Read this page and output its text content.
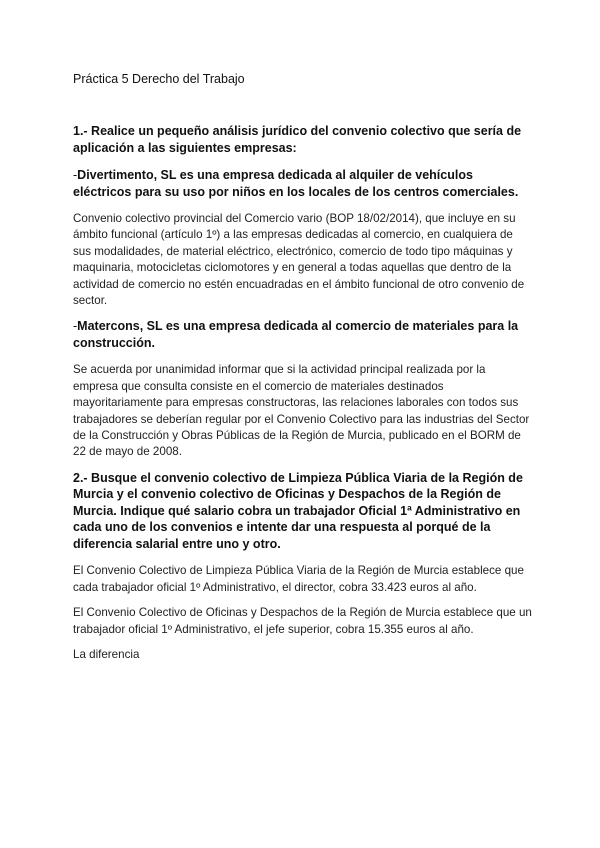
Práctica 5 Derecho del Trabajo

1.- Realice un pequeño análisis jurídico del convenio colectivo que sería de aplicación a las siguientes empresas:

-Divertimento, SL es una empresa dedicada al alquiler de vehículos eléctricos para su uso por niños en los locales de los centros comerciales.

Convenio colectivo provincial del Comercio vario (BOP 18/02/2014), que incluye en su ámbito funcional (artículo 1º) a las empresas dedicadas al comercio, en cualquiera de sus modalidades, de material eléctrico, electrónico, comercio de todo tipo máquinas y maquinaria, motocicletas ciclomotores y en general a todas aquellas que dentro de la actividad de comercio no estén encuadradas en el ámbito funcional de otro convenio de sector.

-Matercons, SL es una empresa dedicada al comercio de materiales para la construcción.

Se acuerda por unanimidad informar que si la actividad principal realizada por la empresa que consulta consiste en el comercio de materiales destinados mayoritariamente para empresas constructoras, las relaciones laborales con todos sus trabajadores se deberían regular por el Convenio Colectivo para las industrias del Sector de la Construcción y Obras Públicas de la Región de Murcia, publicado en el BORM de 22 de mayo de 2008.

2.- Busque el convenio colectivo de Limpieza Pública Viaria de la Región de Murcia y el convenio colectivo de Oficinas y Despachos de la Región de Murcia. Indique qué salario cobra un trabajador Oficial 1ª Administrativo en cada uno de los convenios e intente dar una respuesta al porqué de la diferencia salarial entre uno y otro.

El Convenio Colectivo de Limpieza Pública Viaria de la Región de Murcia establece que cada trabajador oficial 1º Administrativo, el director, cobra 33.423 euros al año.

El Convenio Colectivo de Oficinas y Despachos de la Región de Murcia establece que un trabajador oficial 1º Administrativo, el jefe superior, cobra 15.355 euros al año.

La diferencia
